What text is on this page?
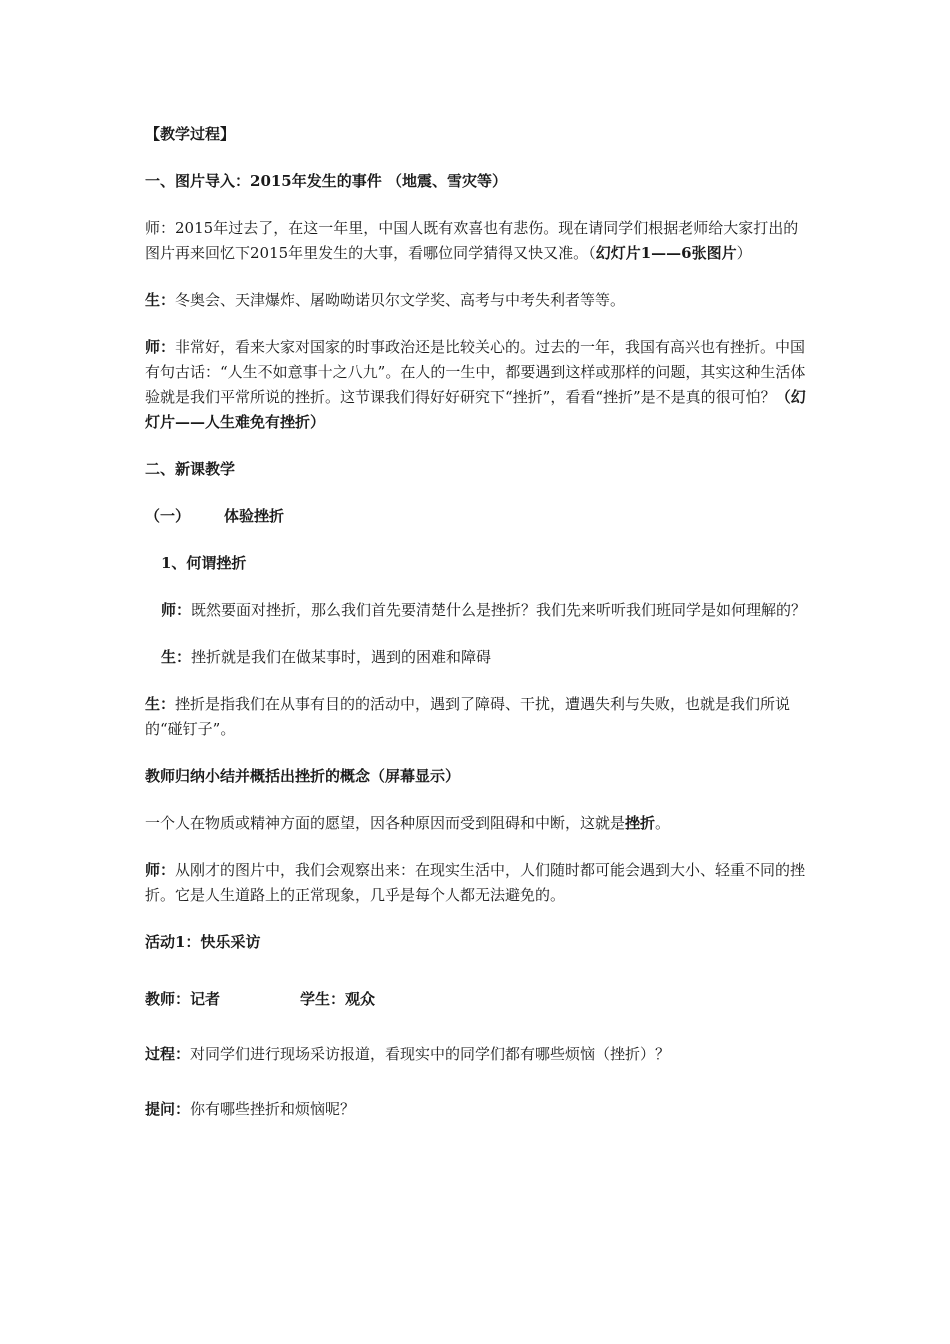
【教学过程】

一、图片导入：2015年发生的事件 （地震、雪灾等）

师：2015年过去了，在这一年里，中国人既有欢喜也有悲伤。现在请同学们根据老师给大家打出的图片再来回忆下2015年里发生的大事，看哪位同学猜得又快又准。（幻灯片1——6张图片）

生：冬奥会、天津爆炸、屠呦呦诺贝尔文学奖、高考与中考失利者等等。

师：非常好，看来大家对国家的时事政治还是比较关心的。过去的一年，我国有高兴也有挫折。中国有句古话：“人生不如意事十之八九”。在人的一生中，都要遇到这样或那样的问题，其实这种生活体验就是我们平常所说的挫折。这节课我们得好好研究下“挫折”，看看“挫折”是不是真的很可怕？（幻灯片——人生难免有挫折）

二、新课教学

（一） 体验挫折

1、何谓挫折

师：既然要面对挫折，那么我们首先要清楚什么是挫折？我们先来听听我们班同学是如何理解的？

生：挫折就是我们在做某事时，遇到的困难和障碍

生：挫折是指我们在从事有目的的活动中，遇到了障碍、干扰，遭遇失利与失败，也就是我们所说的“碰钉子”。

教师归纳小结并概括出挫折的概念（屏幕显示）

一个人在物质或精神方面的愿望，因各种原因而受到阻碍和中断，这就是挫折。

师：从刚才的图片中，我们会观察出来：在现实生活中，人们随时都可能会遇到大小、轻重不同的挫折。它是人生道路上的正常现象，几乎是每个人都无法避免的。

活动1：快乐采访

教师：记者	学生：观众

过程：对同学们进行现场采访报道，看现实中的同学们都有哪些烦恼（挫折）？

提问：你有哪些挫折和烦恼呢？
